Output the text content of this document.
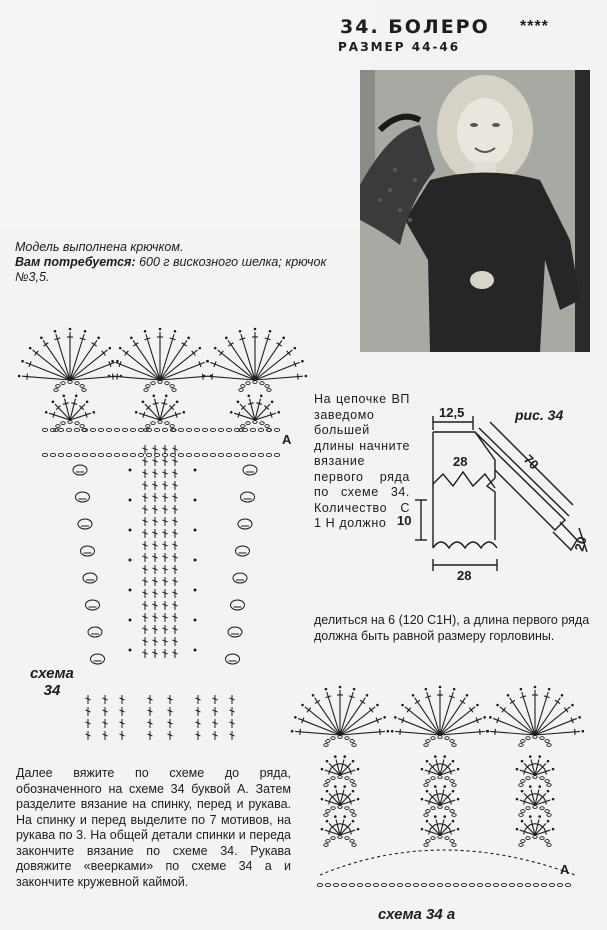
34. БОЛЕРО ****
РАЗМЕР 44-46
Модель выполнена крючком.
Вам потребуется: 600 г вискозного шелка; крючок №3,5.
На цепочке ВП заведомо большей длины начните вязание первого ряда по схеме 34. Количество С 1 Н должно
делиться на 6 (120 С1Н), а длина первого ряда должна быть равной размеру горловины.
Далее вяжите по схеме до ряда, обозначенного на схеме 34 буквой А. Затем разделите вязание на спинку, перед и рукава. На спинку и перед выделите по 7 мотивов, на рукава по 3. На общей детали спинки и переда закончите вязание по схеме 34. Рукава довяжите «веерками» по схеме 34 а и закончите кружевной каймой.
рис. 34
12,5
28	70
10
28
20
схема
34
А
схема 34 а
А
